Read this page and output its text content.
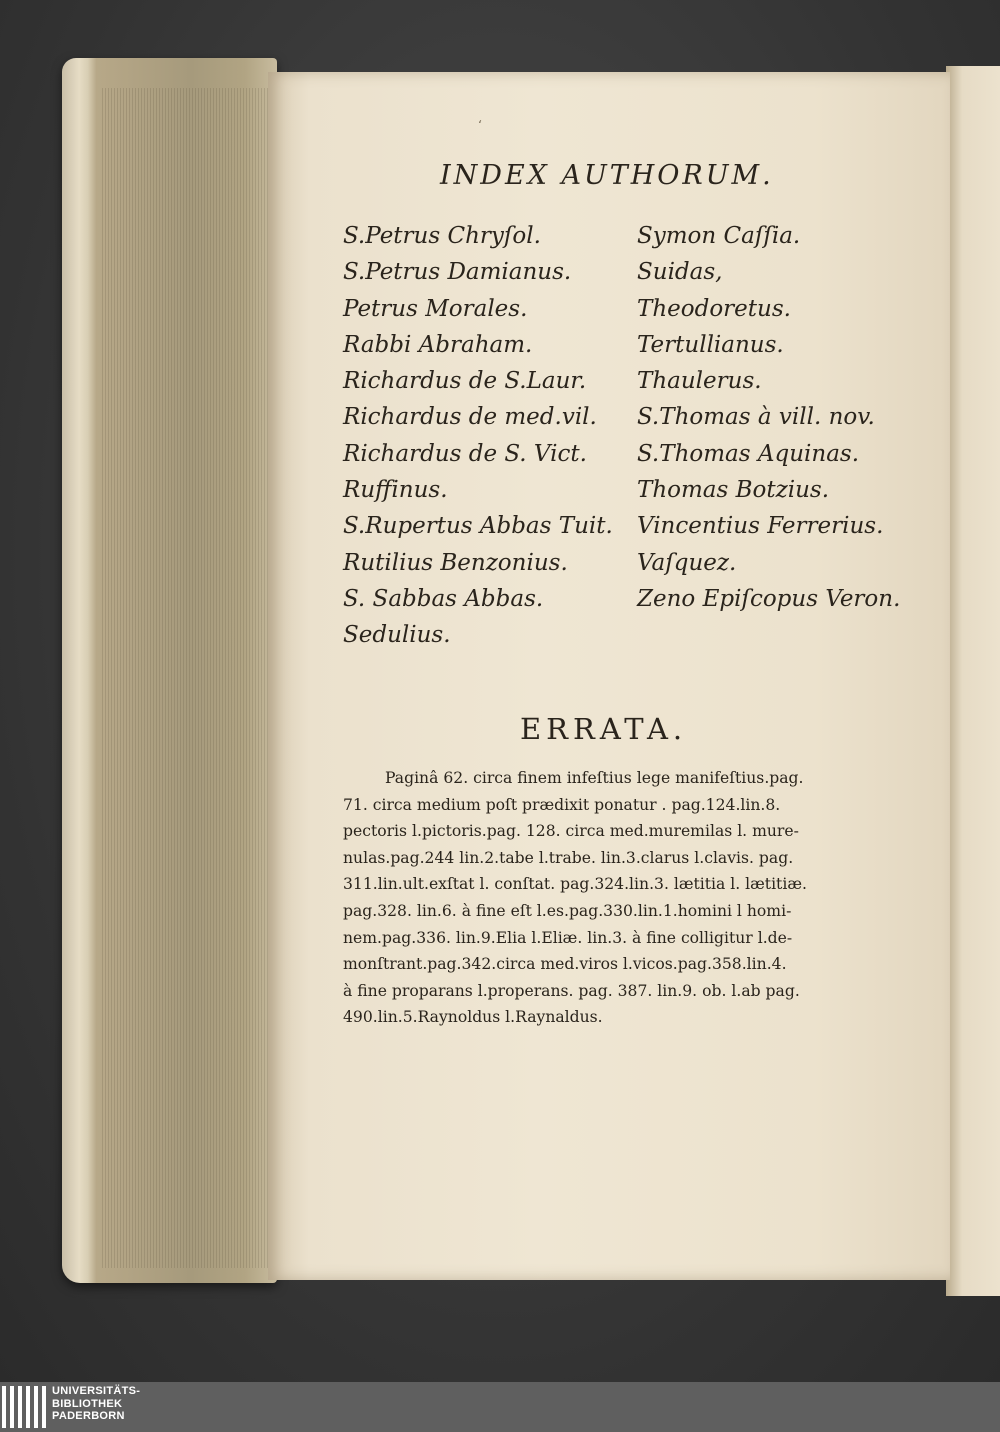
ʻ
INDEX AUTHORUM.
S.Petrus Chryſol.
S.Petrus Damianus.
Petrus Morales.
Rabbi Abraham.
Richardus de S.Laur.
Richardus de med.vil.
Richardus de S. Vict.
Ruffinus.
S.Rupertus Abbas Tuit.
Rutilius Benzonius.
S. Sabbas Abbas.
Sedulius.
Symon Caſſia.
Suidas,
Theodoretus.
Tertullianus.
Thaulerus.
S.Thomas à vill. nov.
S.Thomas Aquinas.
Thomas Botzius.
Vincentius Ferrerius.
Vaſquez.
Zeno Epiſcopus Veron.
ERRATA.
Paginâ 62. circa finem infeſtius lege manifeſtius.pag.
71. circa medium poſt prædixit ponatur . pag.124.lin.8.
pectoris l.pictoris.pag. 128. circa med.muremilas l. mure-
nulas.pag.244 lin.2.tabe l.trabe. lin.3.clarus l.clavis. pag.
311.lin.ult.exſtat l. conſtat. pag.324.lin.3. lætitia l. lætitiæ.
pag.328. lin.6. à fine eſt l.es.pag.330.lin.1.homini l homi-
nem.pag.336. lin.9.Elia l.Eliæ. lin.3. à fine colligitur l.de-
monſtrant.pag.342.circa med.viros l.vicos.pag.358.lin.4.
à fine proparans l.properans. pag. 387. lin.9. ob. l.ab pag.
490.lin.5.Raynoldus l.Raynaldus.
UNIVERSITÄTS-
BIBLIOTHEK
PADERBORN
